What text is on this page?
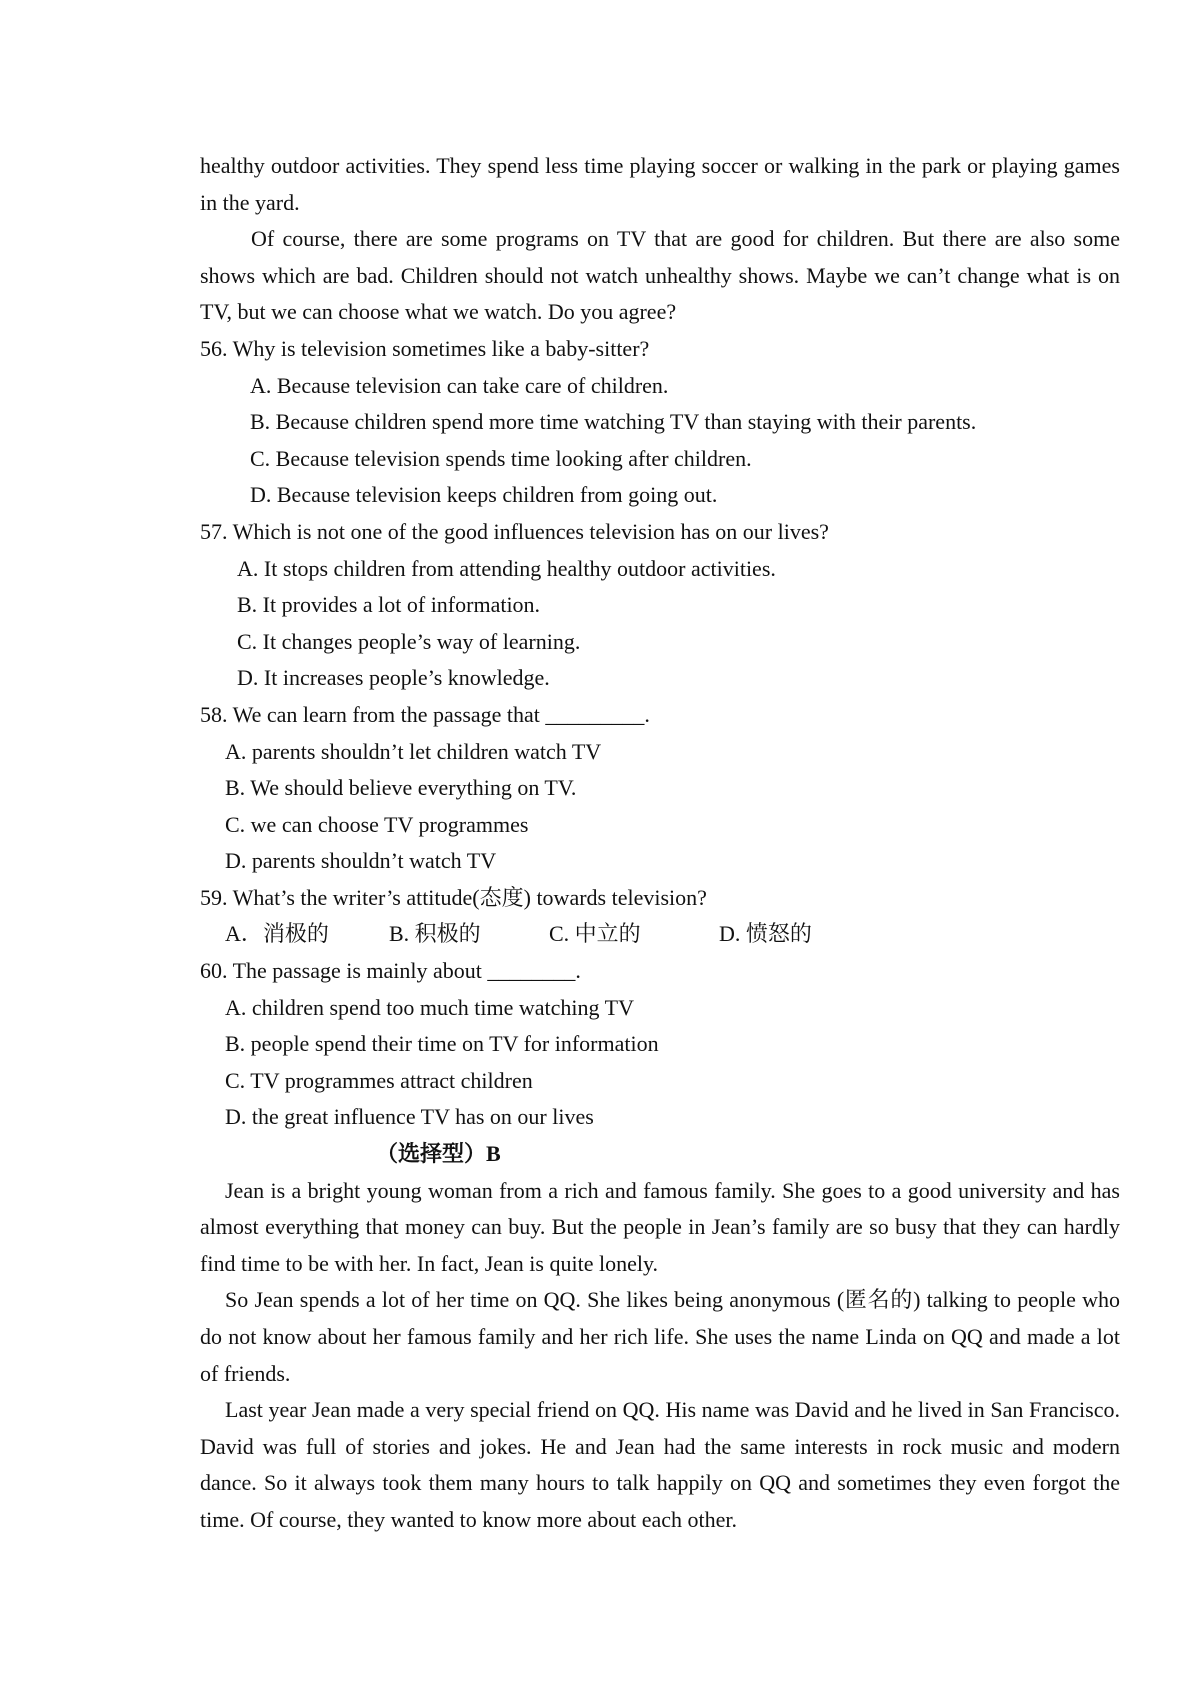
healthy outdoor activities. They spend less time playing soccer or walking in the park or playing games in the yard.

Of course, there are some programs on TV that are good for children. But there are also some shows which are bad. Children should not watch unhealthy shows. Maybe we can’t change what is on TV, but we can choose what we watch. Do you agree?

56. Why is television sometimes like a baby-sitter?

A. Because television can take care of children.

B. Because children spend more time watching TV than staying with their parents.

C. Because television spends time looking after children.

D. Because television keeps children from going out.

57. Which is not one of the good influences television has on our lives?

A. It stops children from attending healthy outdoor activities.

B. It provides a lot of information.

C. It changes people’s way of learning.

D. It increases people’s knowledge.

58. We can learn from the passage that _________.

A. parents shouldn’t let children watch TV

B. We should believe everything on TV.

C. we can choose TV programmes

D. parents shouldn’t watch TV

59. What’s the writer’s attitude(态度) towards television?

A．消极的	B. 积极的	C. 中立的	D. 愤怒的

60. The passage is mainly about ________.

A. children spend too much time watching TV

B. people spend their time on TV for information

C. TV programmes attract children

D. the great influence TV has on our lives

（选择型）B

Jean is a bright young woman from a rich and famous family. She goes to a good university and has almost everything that money can buy. But the people in Jean’s family are so busy that they can hardly find time to be with her. In fact, Jean is quite lonely.

So Jean spends a lot of her time on QQ. She likes being anonymous (匿名的) talking to people who do not know about her famous family and her rich life. She uses the name Linda on QQ and made a lot of friends.

Last year Jean made a very special friend on QQ. His name was David and he lived in San Francisco. David was full of stories and jokes. He and Jean had the same interests in rock music and modern dance. So it always took them many hours to talk happily on QQ and sometimes they even forgot the time. Of course, they wanted to know more about each other.
